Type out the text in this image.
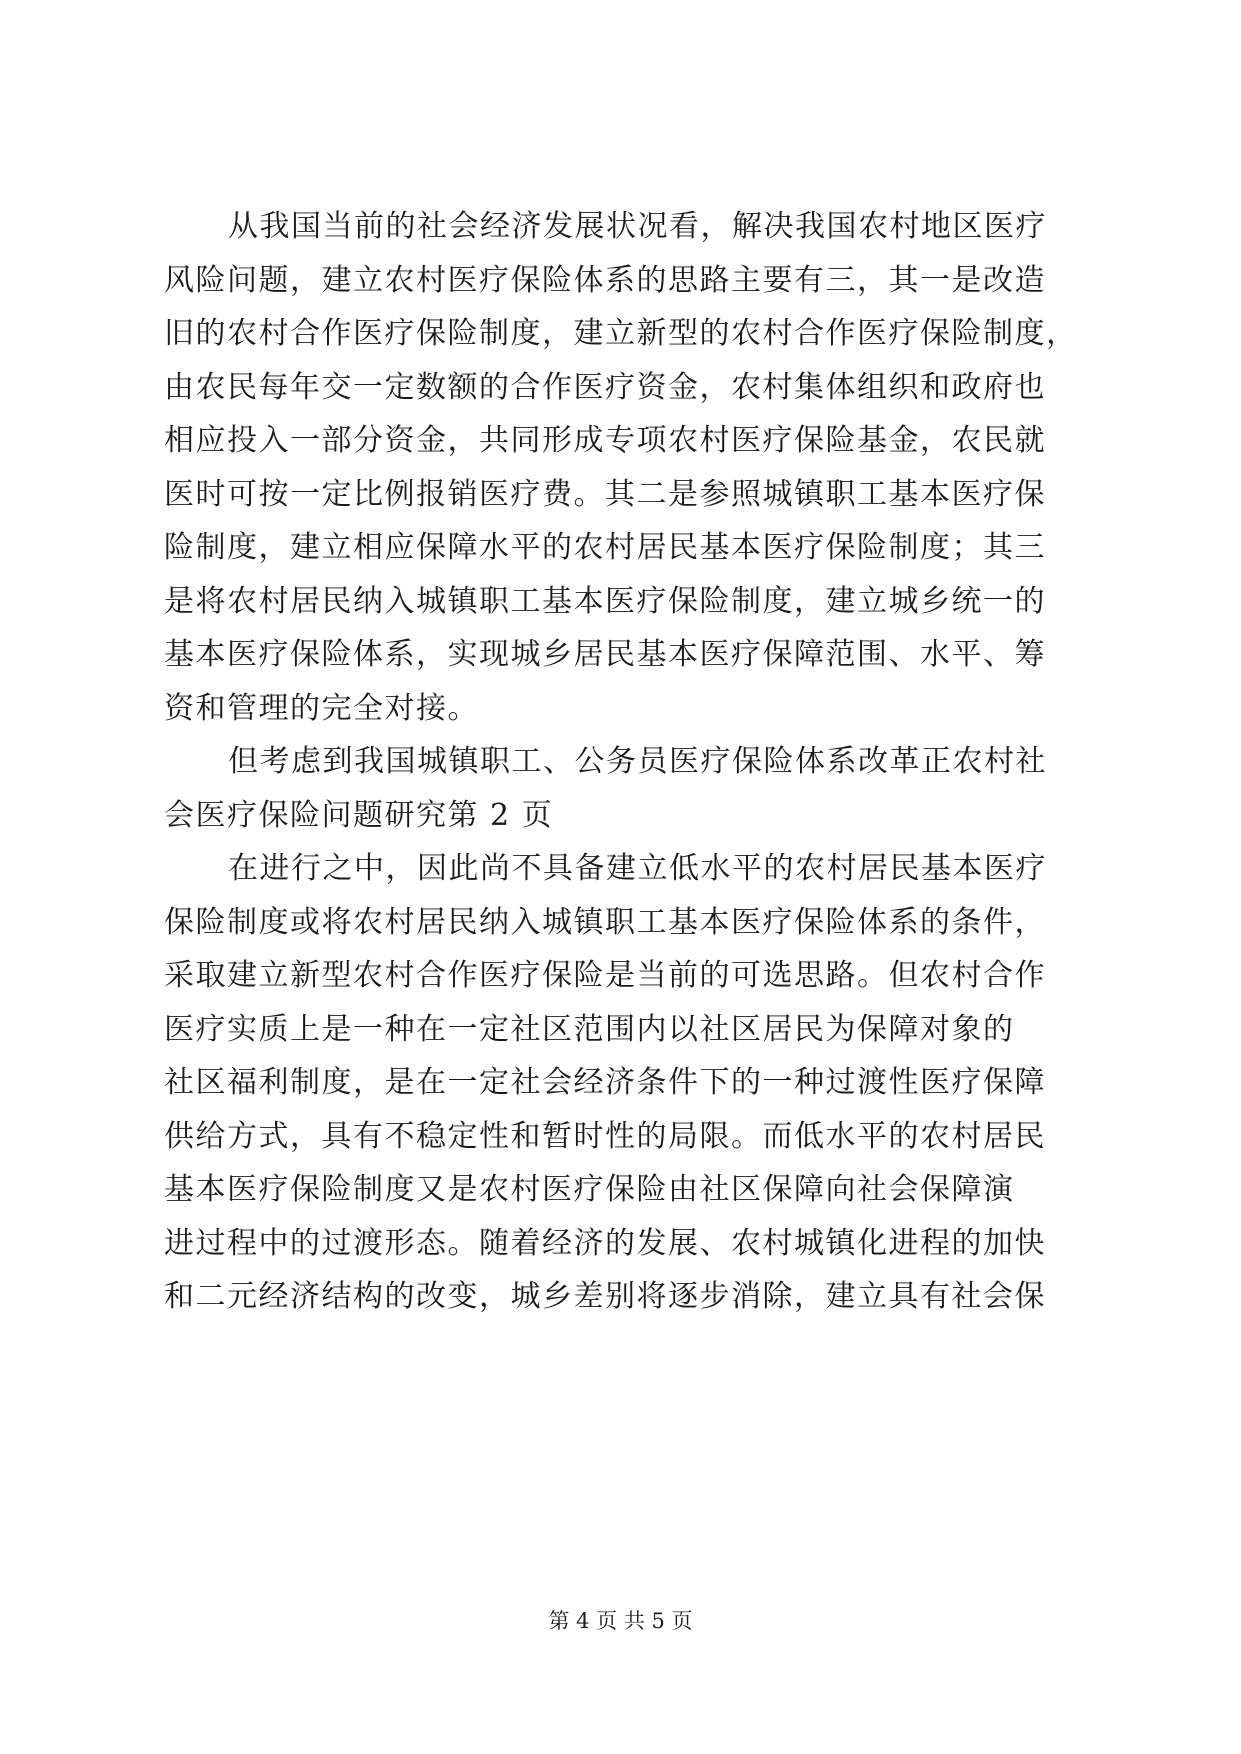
从我国当前的社会经济发展状况看，解决我国农村地区医疗
风险问题，建立农村医疗保险体系的思路主要有三，其一是改造
旧的农村合作医疗保险制度，建立新型的农村合作医疗保险制度，
由农民每年交一定数额的合作医疗资金，农村集体组织和政府也
相应投入一部分资金，共同形成专项农村医疗保险基金，农民就
医时可按一定比例报销医疗费。其二是参照城镇职工基本医疗保
险制度，建立相应保障水平的农村居民基本医疗保险制度；其三
是将农村居民纳入城镇职工基本医疗保险制度，建立城乡统一的
基本医疗保险体系，实现城乡居民基本医疗保障范围、水平、筹
资和管理的完全对接。
但考虑到我国城镇职工、公务员医疗保险体系改革正农村社
会医疗保险问题研究第 2 页
在进行之中，因此尚不具备建立低水平的农村居民基本医疗
保险制度或将农村居民纳入城镇职工基本医疗保险体系的条件，
采取建立新型农村合作医疗保险是当前的可选思路。但农村合作
医疗实质上是一种在一定社区范围内以社区居民为保障对象的
社区福利制度，是在一定社会经济条件下的一种过渡性医疗保障
供给方式，具有不稳定性和暂时性的局限。而低水平的农村居民
基本医疗保险制度又是农村医疗保险由社区保障向社会保障演
进过程中的过渡形态。随着经济的发展、农村城镇化进程的加快
和二元经济结构的改变，城乡差别将逐步消除，建立具有社会保
第 4 页 共 5 页
